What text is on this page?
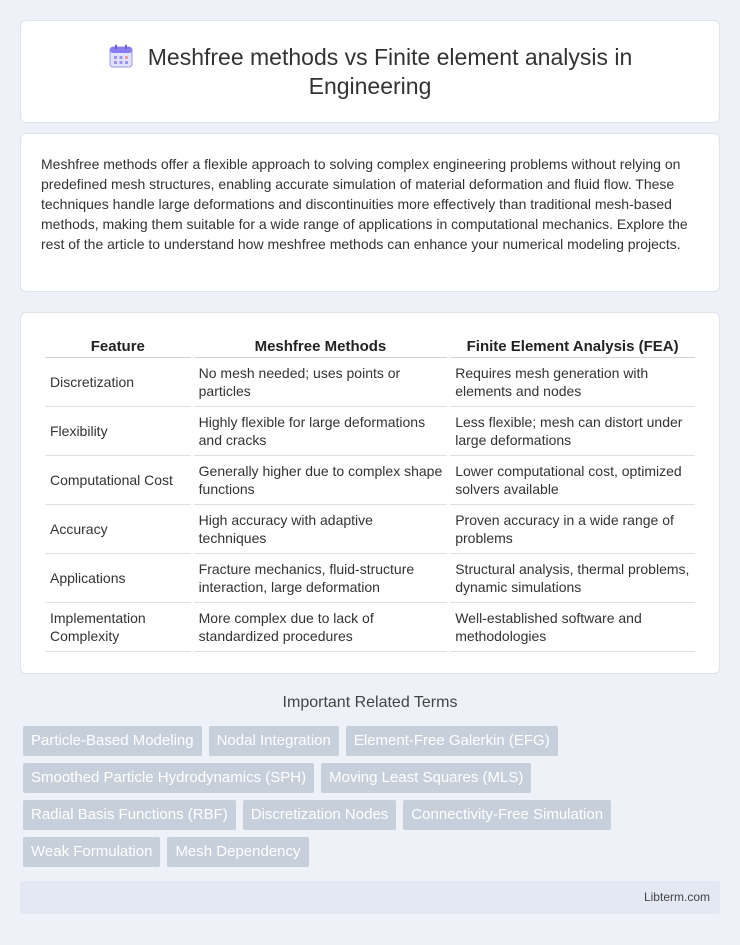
Meshfree methods vs Finite element analysis in
Engineering

Meshfree methods offer a flexible approach to solving complex engineering problems without relying on predefined mesh structures, enabling accurate simulation of material deformation and fluid flow. These techniques handle large deformations and discontinuities more effectively than traditional mesh-based methods, making them suitable for a wide range of applications in computational mechanics. Explore the rest of the article to understand how meshfree methods can enhance your numerical modeling projects.

Feature	Meshfree Methods	Finite Element Analysis (FEA)
Discretization	No mesh needed; uses points or particles	Requires mesh generation with elements and nodes
Flexibility	Highly flexible for large deformations and cracks	Less flexible; mesh can distort under large deformations
Computational Cost	Generally higher due to complex shape functions	Lower computational cost, optimized solvers available
Accuracy	High accuracy with adaptive techniques	Proven accuracy in a wide range of problems
Applications	Fracture mechanics, fluid-structure interaction, large deformation	Structural analysis, thermal problems, dynamic simulations
Implementation Complexity	More complex due to lack of standardized procedures	Well-established software and methodologies
Important Related Terms
Particle-Based Modeling	Nodal Integration	Element-Free Galerkin (EFG)
Smoothed Particle Hydrodynamics (SPH)	Moving Least Squares (MLS)
Radial Basis Functions (RBF)	Discretization Nodes	Connectivity-Free Simulation
Weak Formulation	Mesh Dependency
Libterm.com
